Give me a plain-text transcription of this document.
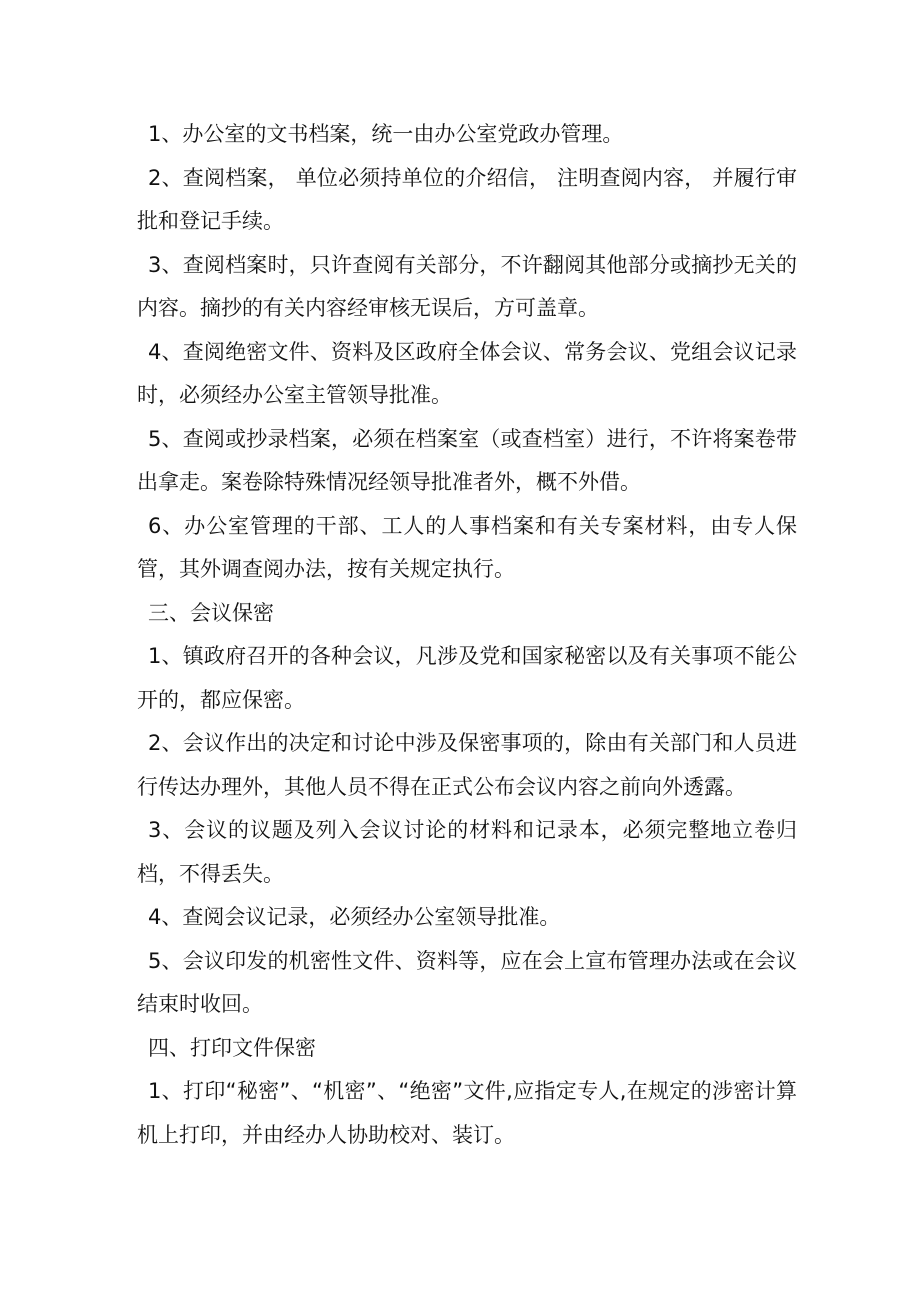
1、办公室的文书档案，统一由办公室党政办管理。

2、查阅档案， 单位必须持单位的介绍信， 注明查阅内容， 并履行审批和登记手续。

3、查阅档案时，只许查阅有关部分，不许翻阅其他部分或摘抄无关的内容。摘抄的有关内容经审核无误后，方可盖章。

4、查阅绝密文件、资料及区政府全体会议、常务会议、党组会议记录时，必须经办公室主管领导批准。

5、查阅或抄录档案，必须在档案室（或查档室）进行，不许将案卷带出拿走。案卷除特殊情况经领导批准者外，概不外借。

6、办公室管理的干部、工人的人事档案和有关专案材料，由专人保管，其外调查阅办法，按有关规定执行。

三、会议保密

1、镇政府召开的各种会议，凡涉及党和国家秘密以及有关事项不能公开的，都应保密。

2、会议作出的决定和讨论中涉及保密事项的，除由有关部门和人员进行传达办理外，其他人员不得在正式公布会议内容之前向外透露。

3、会议的议题及列入会议讨论的材料和记录本，必须完整地立卷归档，不得丢失。

4、查阅会议记录，必须经办公室领导批准。

5、会议印发的机密性文件、资料等，应在会上宣布管理办法或在会议结束时收回。

四、打印文件保密

1、打印“秘密”、“机密”、“绝密”文件,应指定专人,在规定的涉密计算机上打印，并由经办人协助校对、装订。
